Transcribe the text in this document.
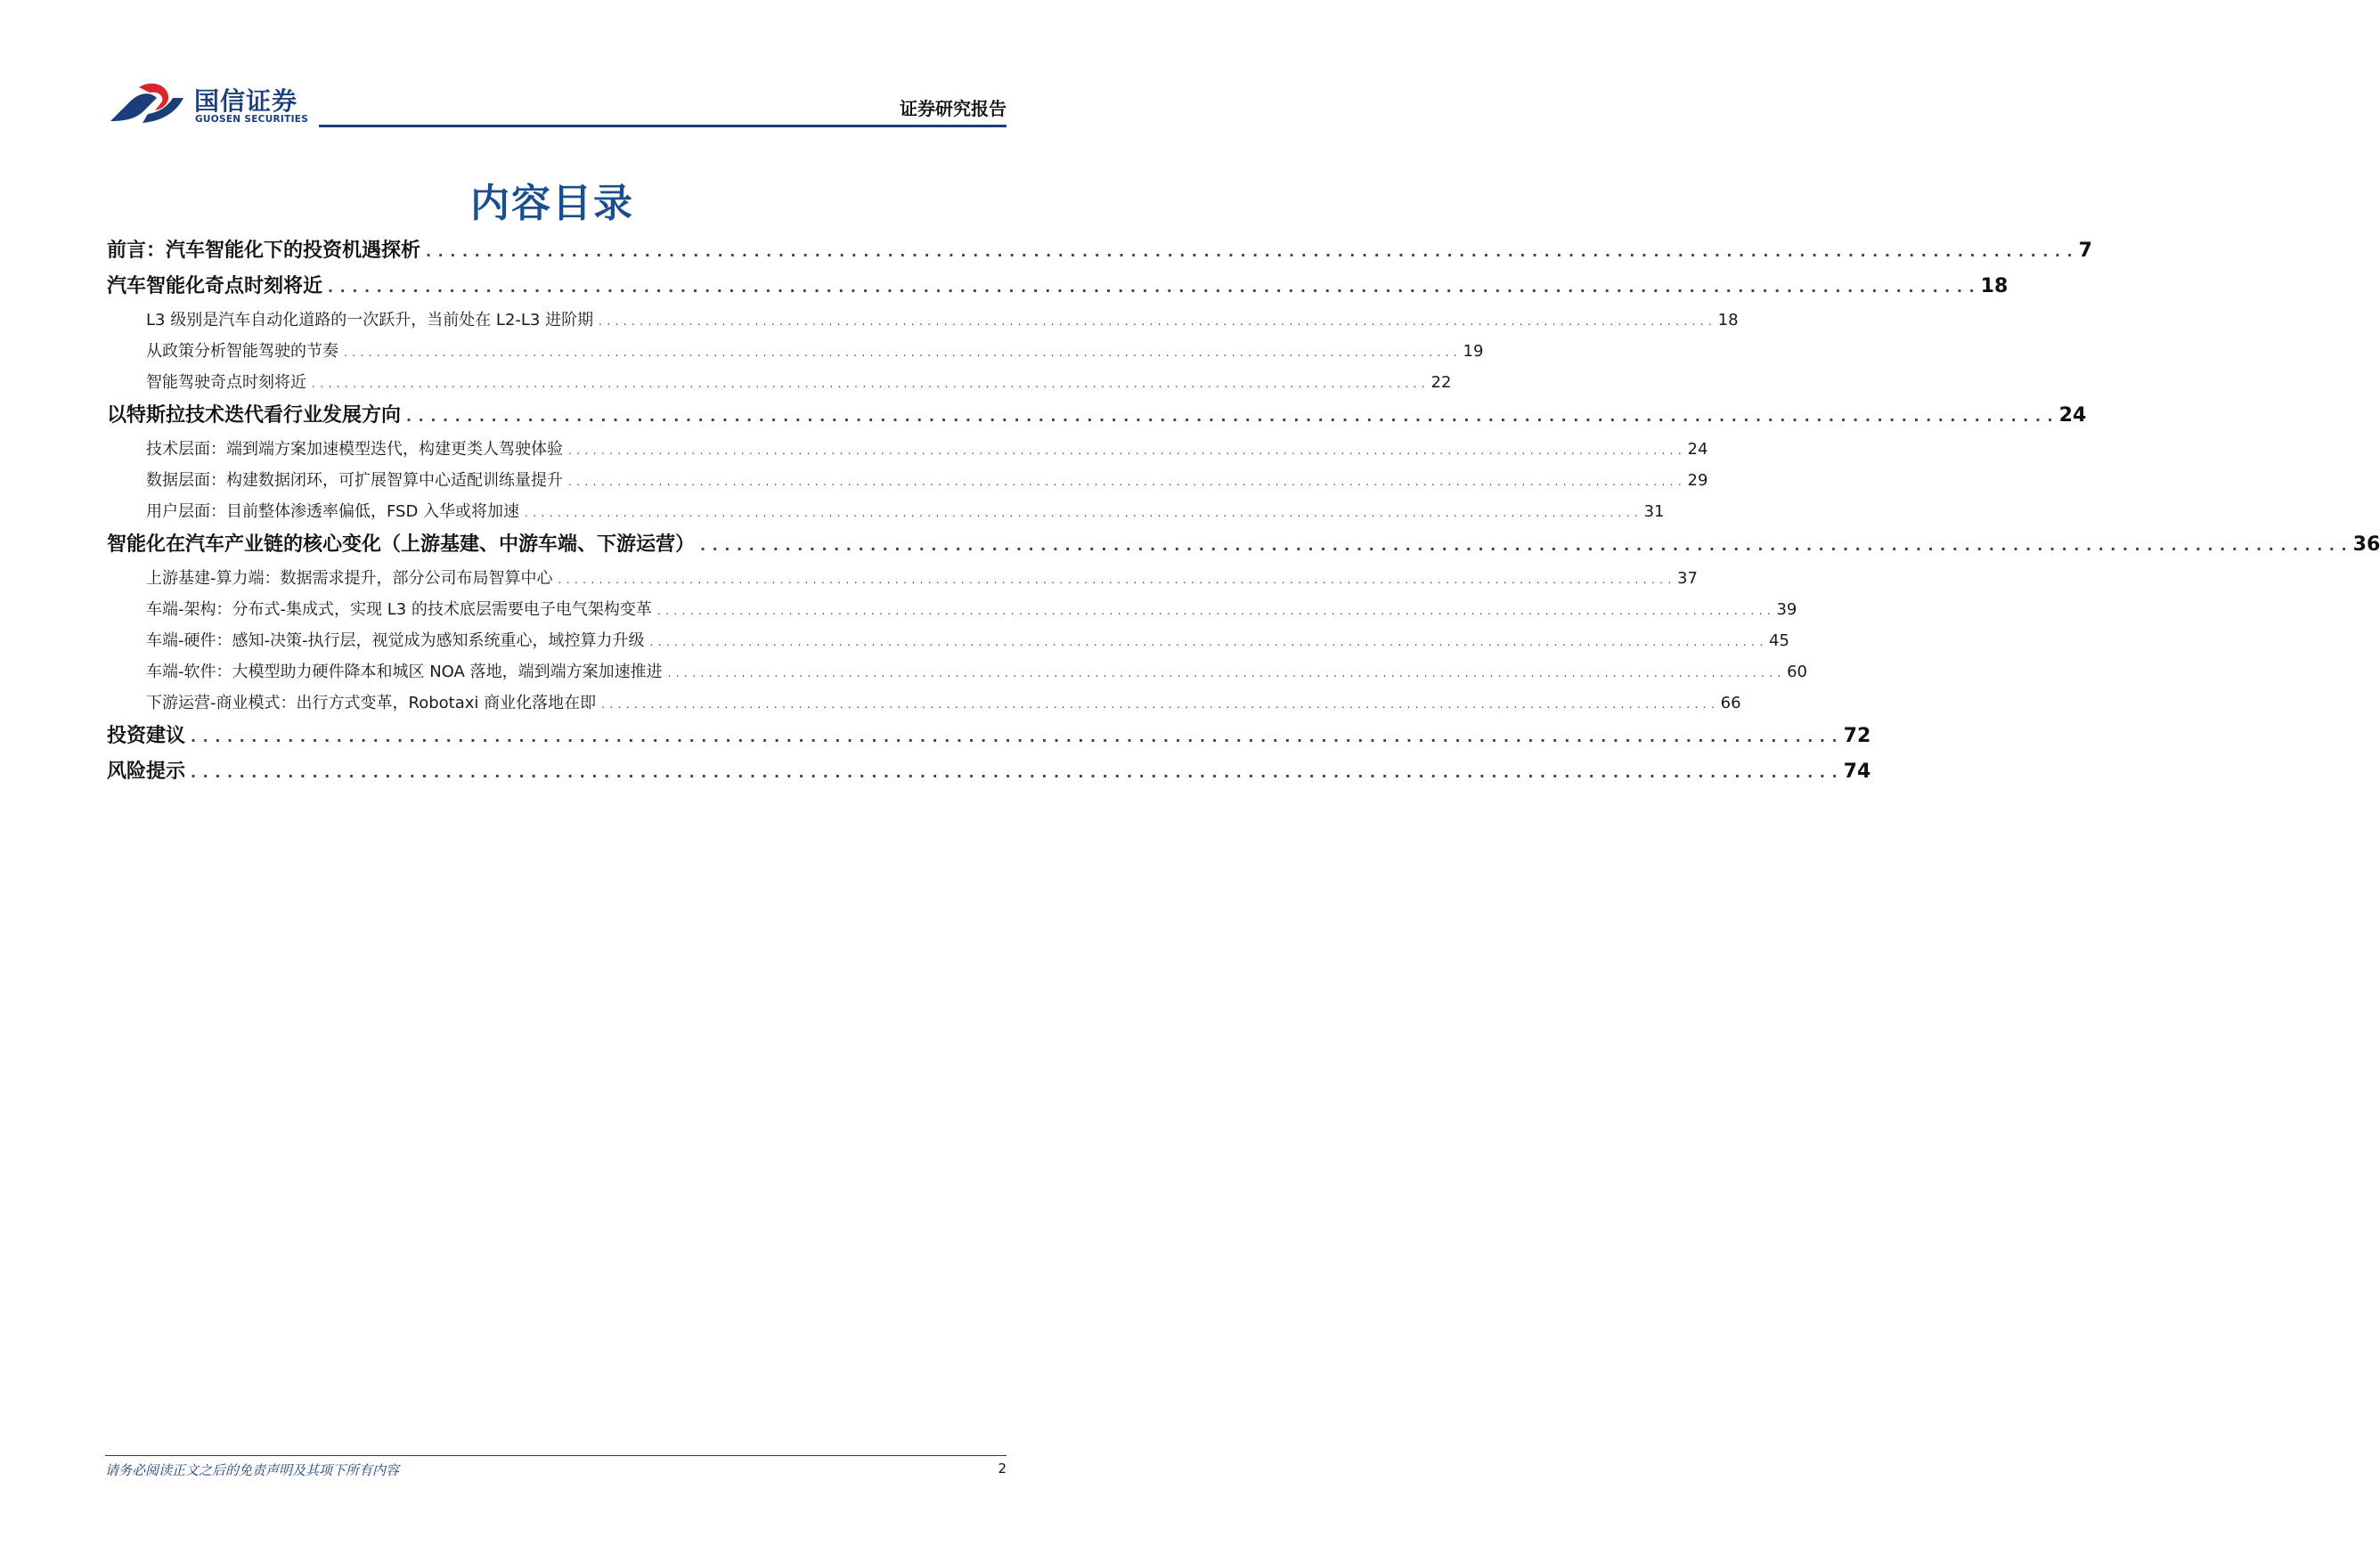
国信证券
GUOSEN SECURITIES	证券研究报告
内容目录
前言：汽车智能化下的投资机遇探析 . . .	7
汽车智能化奇点时刻将近 . . .	18
L3 级别是汽车自动化道路的一次跃升，当前处在 L2-L3 进阶期 . . .	18
从政策分析智能驾驶的节奏 . . .	19
智能驾驶奇点时刻将近 . . .	22
以特斯拉技术迭代看行业发展方向 . . .	24
技术层面：端到端方案加速模型迭代，构建更类人驾驶体验 . . .	24
数据层面：构建数据闭环，可扩展智算中心适配训练量提升 . . .	29
用户层面：目前整体渗透率偏低，FSD 入华或将加速 . . .	31
智能化在汽车产业链的核心变化（上游基建、中游车端、下游运营） . . .	36
上游基建-算力端：数据需求提升，部分公司布局智算中心 . . .	37
车端-架构：分布式-集成式，实现 L3 的技术底层需要电子电气架构变革 . . .	39
车端-硬件：感知-决策-执行层，视觉成为感知系统重心，域控算力升级 . . .	45
车端-软件：大模型助力硬件降本和城区 NOA 落地，端到端方案加速推进 . . .	60
下游运营-商业模式：出行方式变革，Robotaxi 商业化落地在即 . . .	66
投资建议 . . .	72
风险提示 . . .	74
请务必阅读正文之后的免责声明及其项下所有内容	2
